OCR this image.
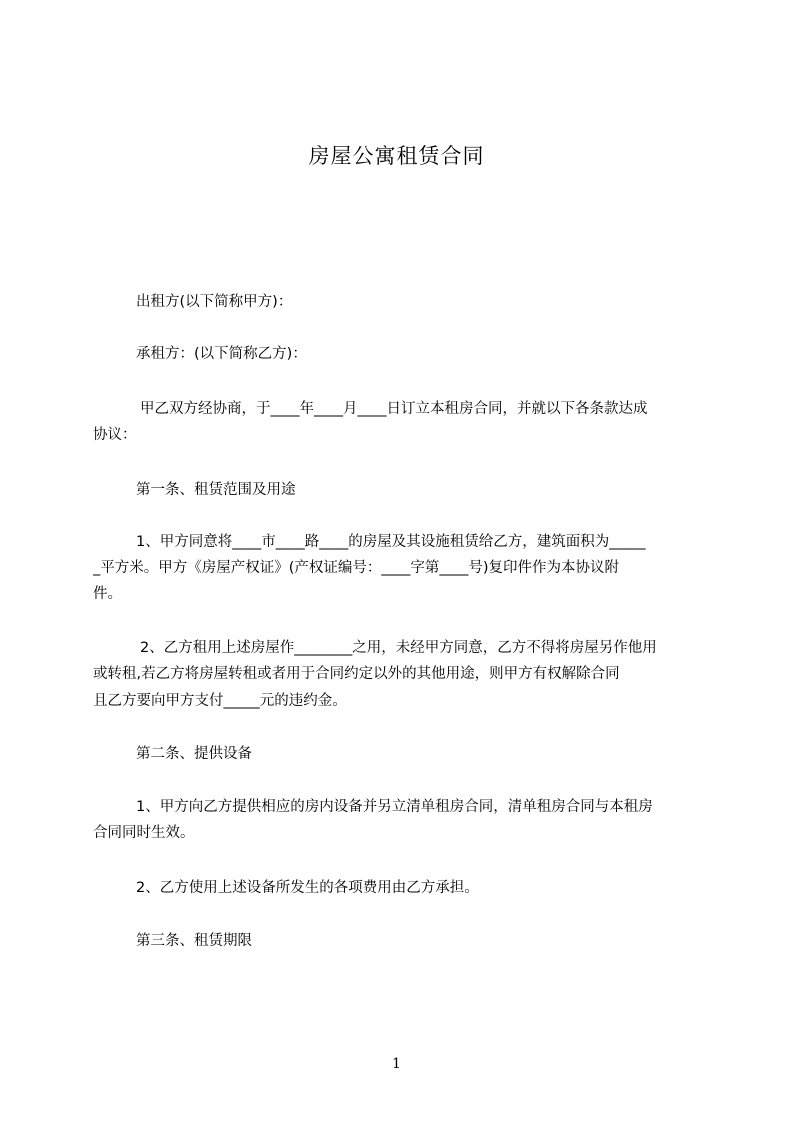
房屋公寓租赁合同
出租方(以下简称甲方)：
承租方：(以下简称乙方)：
甲乙双方经协商，于____年____月____日订立本租房合同，并就以下各条款达成
协议：
第一条、租赁范围及用途
1、甲方同意将____市____路____的房屋及其设施租赁给乙方，建筑面积为_____
_平方米。甲方《房屋产权证》(产权证编号：____字第____号)复印件作为本协议附
件。
2、乙方租用上述房屋作________之用，未经甲方同意，乙方不得将房屋另作他用
或转租,若乙方将房屋转租或者用于合同约定以外的其他用途，则甲方有权解除合同
且乙方要向甲方支付_____元的违约金。
第二条、提供设备
1、甲方向乙方提供相应的房内设备并另立清单租房合同，清单租房合同与本租房
合同同时生效。
2、乙方使用上述设备所发生的各项费用由乙方承担。
第三条、租赁期限
1
